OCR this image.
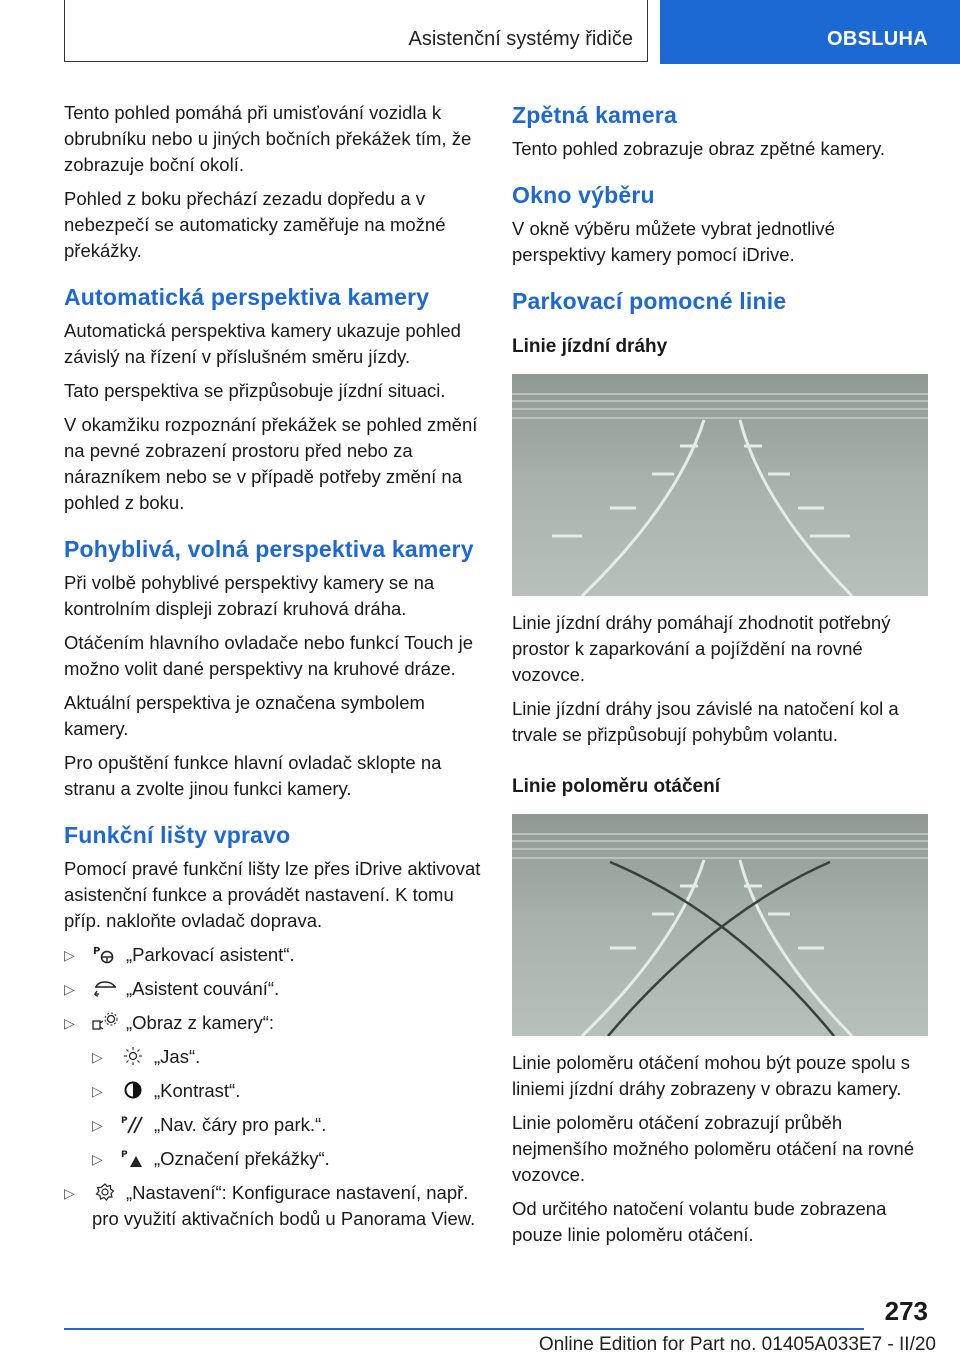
Asistenční systémy řidiče	OBSLUHA

Tento pohled pomáhá při umisťování vozidla k obrubníku nebo u jiných bočních překážek tím, že zobrazuje boční okolí.

Pohled z boku přechází zezadu dopředu a v nebezpečí se automaticky zaměřuje na možné překážky.

Automatická perspektiva kamery

Automatická perspektiva kamery ukazuje pohled závislý na řízení v příslušném směru jízdy.

Tato perspektiva se přizpůsobuje jízdní situaci.

V okamžiku rozpoznání překážek se pohled změní na pevné zobrazení prostoru před nebo za nárazníkem nebo se v případě potřeby změní na pohled z boku.

Pohyblivá, volná perspektiva kamery

Při volbě pohyblivé perspektivy kamery se na kontrolním displeji zobrazí kruhová dráha.

Otáčením hlavního ovladače nebo funkcí Touch je možno volit dané perspektivy na kruhové dráze.

Aktuální perspektiva je označena symbolem kamery.

Pro opuštění funkce hlavní ovladač sklopte na stranu a zvolte jinou funkci kamery.

Funkční lišty vpravo

Pomocí pravé funkční lišty lze přes iDrive aktivovat asistenční funkce a provádět nastavení. K tomu příp. nakloňte ovladač doprava.

▷	P „Parkovací asistent“.
▷	„Asistent couvání“.
▷	„Obraz z kamery“:
▷	„Jas“.
▷	„Kontrast“.
▷	P „Nav. čáry pro park.“.
▷	P „Označení překážky“.
▷	„Nastavení“: Konfigurace nastavení, např. pro využití aktivačních bodů u Panorama View.
Zpětná kamera

Tento pohled zobrazuje obraz zpětné kamery.

Okno výběru

V okně výběru můžete vybrat jednotlivé perspektivy kamery pomocí iDrive.

Parkovací pomocné linie
Linie jízdní dráhy

Linie jízdní dráhy pomáhají zhodnotit potřebný prostor k zaparkování a pojíždění na rovné vozovce.

Linie jízdní dráhy jsou závislé na natočení kol a trvale se přizpůsobují pohybům volantu.

Linie poloměru otáčení

Linie poloměru otáčení mohou být pouze spolu s liniemi jízdní dráhy zobrazeny v obrazu kamery.

Linie poloměru otáčení zobrazují průběh nejmenšího možného poloměru otáčení na rovné vozovce.

Od určitého natočení volantu bude zobrazena pouze linie poloměru otáčení.

273
Online Edition for Part no. 01405A033E7 - II/20
